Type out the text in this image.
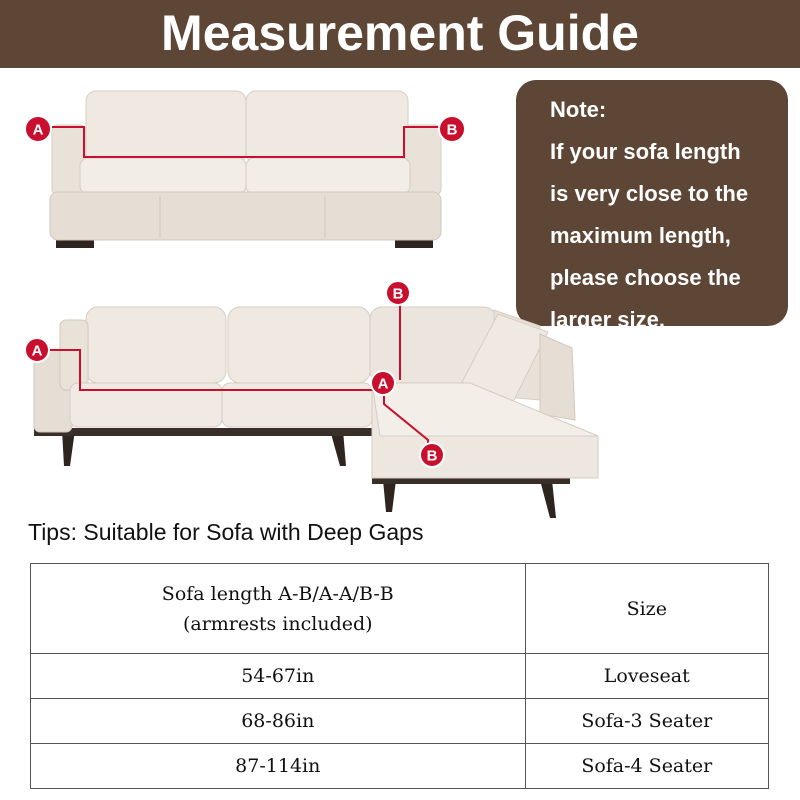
Measurement Guide
Note:
If your sofa length
is very close to the
maximum length,
please choose the
larger size.
A	B
A
B
A
B
Tips: Suitable for Sofa with Deep Gaps
Sofa length A-B/A-A/B-B
(armrests included)	Size
54-67in	Loveseat
68-86in	Sofa-3 Seater
87-114in	Sofa-4 Seater
